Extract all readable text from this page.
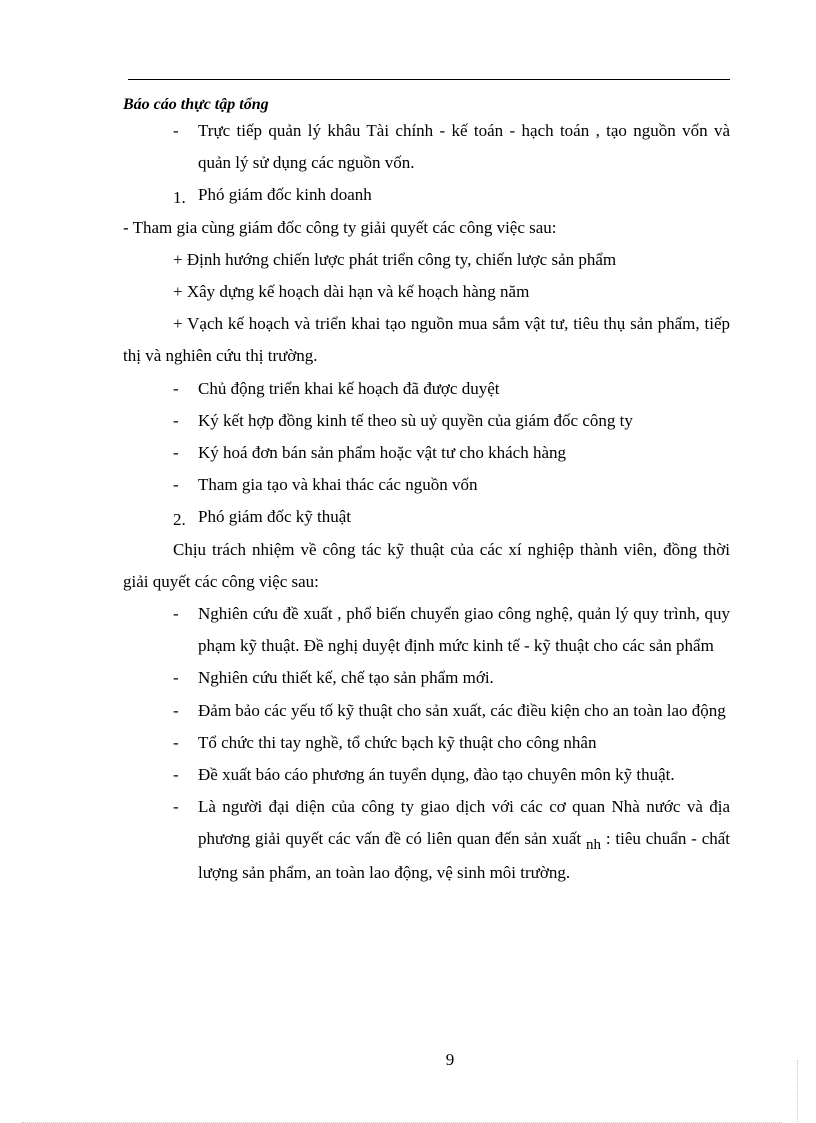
Báo cáo thực tập tổng

- Trực tiếp quản lý khâu Tài chính - kế toán - hạch toán , tạo nguồn vốn và quản lý sử dụng các nguồn vốn.

1. Phó giám đốc kinh doanh

- Tham gia cùng giám đốc công ty giải quyết các công việc sau:

+ Định hướng chiến lược phát triển công ty, chiến lược sản phẩm

+ Xây dựng kế hoạch dài hạn và kế hoạch hàng năm

+ Vạch kế hoạch và triển khai tạo nguồn mua sắm vật tư, tiêu thụ sản phẩm, tiếp thị và nghiên cứu thị trường.

- Chủ động triển khai kế hoạch đã được duyệt

- Ký kết hợp đồng kinh tế theo sù uỷ quyền của giám đốc công ty

- Ký hoá đơn bán sản phẩm hoặc vật tư cho khách hàng

- Tham gia tạo và khai thác các nguồn vốn

2. Phó giám đốc kỹ thuật

Chịu trách nhiệm về công tác kỹ thuật của các xí nghiệp thành viên, đồng thời giải quyết các công việc sau:

- Nghiên cứu đề xuất , phổ biến chuyển giao công nghệ, quản lý quy trình, quy phạm kỹ thuật. Đề nghị duyệt định mức kinh tế - kỹ thuật cho các sản phẩm

- Nghiên cứu thiết kế, chế tạo sản phẩm mới.

- Đảm bảo các yếu tố kỹ thuật cho sản xuất, các điều kiện cho an toàn lao động

- Tổ chức thi tay nghề, tổ chức bạch kỹ thuật cho công nhân

- Đề xuất báo cáo phương án tuyển dụng, đào tạo chuyên môn kỹ thuật.

- Là người đại diện của công ty giao dịch với các cơ quan Nhà nước và địa phương giải quyết các vấn đề có liên quan đến sản xuất nh : tiêu chuẩn - chất lượng sản phẩm, an toàn lao động, vệ sinh môi trường.

9
